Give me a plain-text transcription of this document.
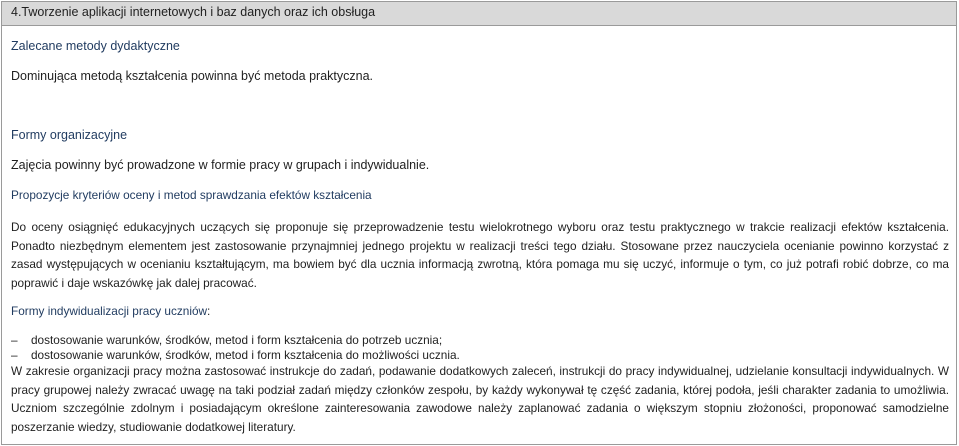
4.Tworzenie aplikacji internetowych i baz danych oraz ich obsługa
Zalecane metody dydaktyczne
Dominująca metodą kształcenia powinna być metoda praktyczna.
Formy organizacyjne
Zajęcia powinny być prowadzone w formie pracy w grupach i indywidualnie.
Propozycje kryteriów oceny i metod sprawdzania efektów kształcenia
Do oceny osiągnięć edukacyjnych uczących się proponuje się przeprowadzenie testu wielokrotnego wyboru oraz testu praktycznego w trakcie realizacji efektów kształcenia. Ponadto niezbędnym elementem jest zastosowanie przynajmniej jednego projektu w realizacji treści tego działu. Stosowane przez nauczyciela ocenianie powinno korzystać z zasad występujących w ocenianiu kształtującym, ma bowiem być dla ucznia informacją zwrotną, która pomaga mu się uczyć, informuje o tym, co już potrafi robić dobrze, co ma poprawić i daje wskazówkę jak dalej pracować.
Formy indywidualizacji pracy uczniów:
– dostosowanie warunków, środków, metod i form kształcenia do potrzeb ucznia;
– dostosowanie warunków, środków, metod i form kształcenia do możliwości ucznia.
W zakresie organizacji pracy można zastosować instrukcje do zadań, podawanie dodatkowych zaleceń, instrukcji do pracy indywidualnej, udzielanie konsultacji indywidualnych. W pracy grupowej należy zwracać uwagę na taki podział zadań między członków zespołu, by każdy wykonywał tę część zadania, której podoła, jeśli charakter zadania to umożliwia. Uczniom szczególnie zdolnym i posiadającym określone zainteresowania zawodowe należy zaplanować zadania o większym stopniu złożoności, proponować samodzielne poszerzanie wiedzy, studiowanie dodatkowej literatury.
